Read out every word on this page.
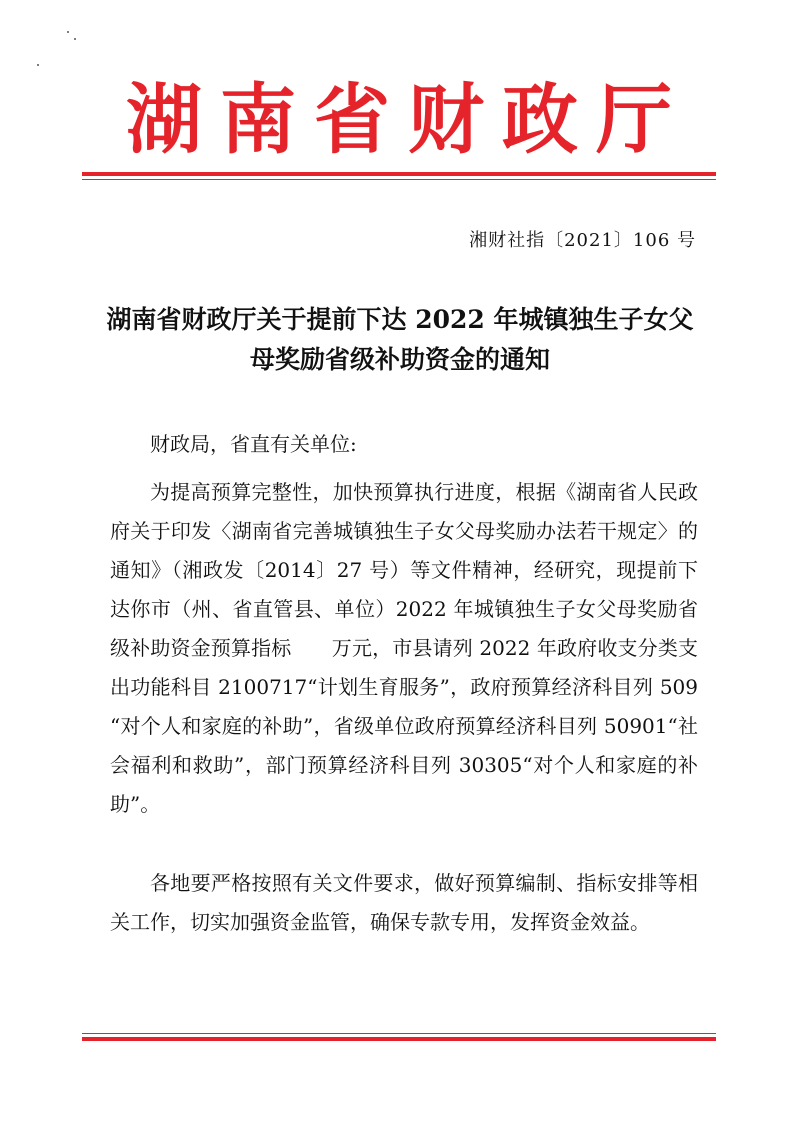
湖南省财政厅
湘财社指〔2021〕106 号
湖南省财政厅关于提前下达 2022 年城镇独生子女父母奖励省级补助资金的通知
财政局，省直有关单位:
为提高预算完整性，加快预算执行进度，根据《湖南省人民政府关于印发〈湖南省完善城镇独生子女父母奖励办法若干规定〉的通知》（湘政发〔2014〕27 号）等文件精神，经研究，现提前下达你市（州、省直管县、单位）2022 年城镇独生子女父母奖励省级补助资金预算指标　　万元，市县请列 2022 年政府收支分类支出功能科目 2100717“计划生育服务”，政府预算经济科目列 509 “对个人和家庭的补助”，省级单位政府预算经济科目列 50901“社会福利和救助”，部门预算经济科目列 30305“对个人和家庭的补助”。
各地要严格按照有关文件要求，做好预算编制、指标安排等相关工作，切实加强资金监管，确保专款专用，发挥资金效益。
